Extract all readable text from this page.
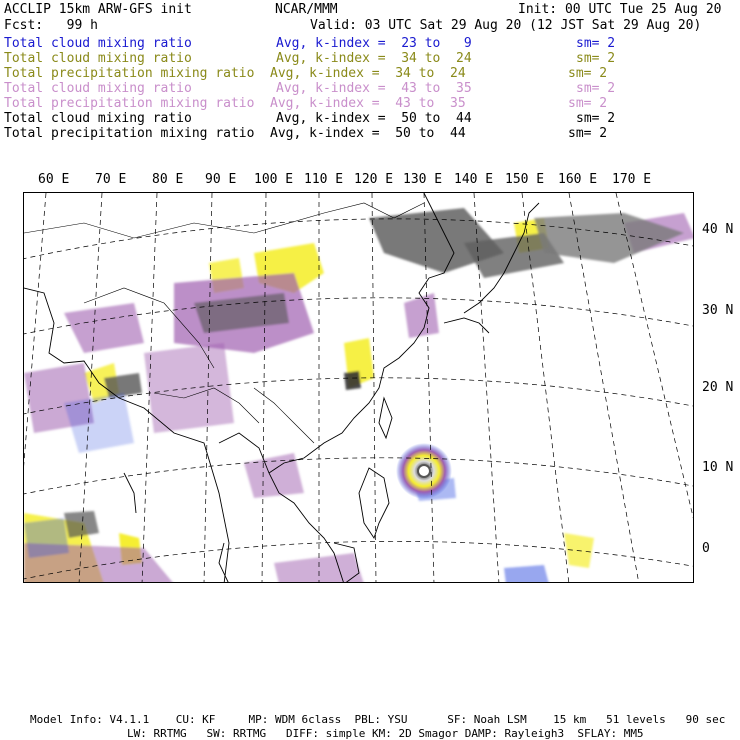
ACCLIP 15km ARW-GFS init	NCAR/MMM	Init: 00 UTC Tue 25 Aug 20
Fcst:   99 h	Valid: 03 UTC Sat 29 Aug 20 (12 JST Sat 29 Aug 20)
Total cloud mixing ratio	Avg, k-index =  23 to   9	sm= 2
Total cloud mixing ratio	Avg, k-index =  34 to  24	sm= 2
Total precipitation mixing ratio Avg, k-index =  34 to  24	sm= 2
Total cloud mixing ratio	Avg, k-index =  43 to  35	sm= 2
Total precipitation mixing ratio Avg, k-index =  43 to  35	sm= 2
Total cloud mixing ratio	Avg, k-index =  50 to  44	sm= 2
Total precipitation mixing ratio Avg, k-index =  50 to  44	sm= 2
60 E 70 E 80 E 90 E 100 E 110 E 120 E 130 E 140 E 150 E 160 E 170 E
40 N
30 N
20 N
10 N
0
Model Info: V4.1.1    CU: KF     MP: WDM 6class  PBL: YSU      SF: Noah LSM    15 km   51 levels   90 sec
LW: RRTMG   SW: RRTMG   DIFF: simple KM: 2D Smagor DAMP: Rayleigh3  SFLAY: MM5
